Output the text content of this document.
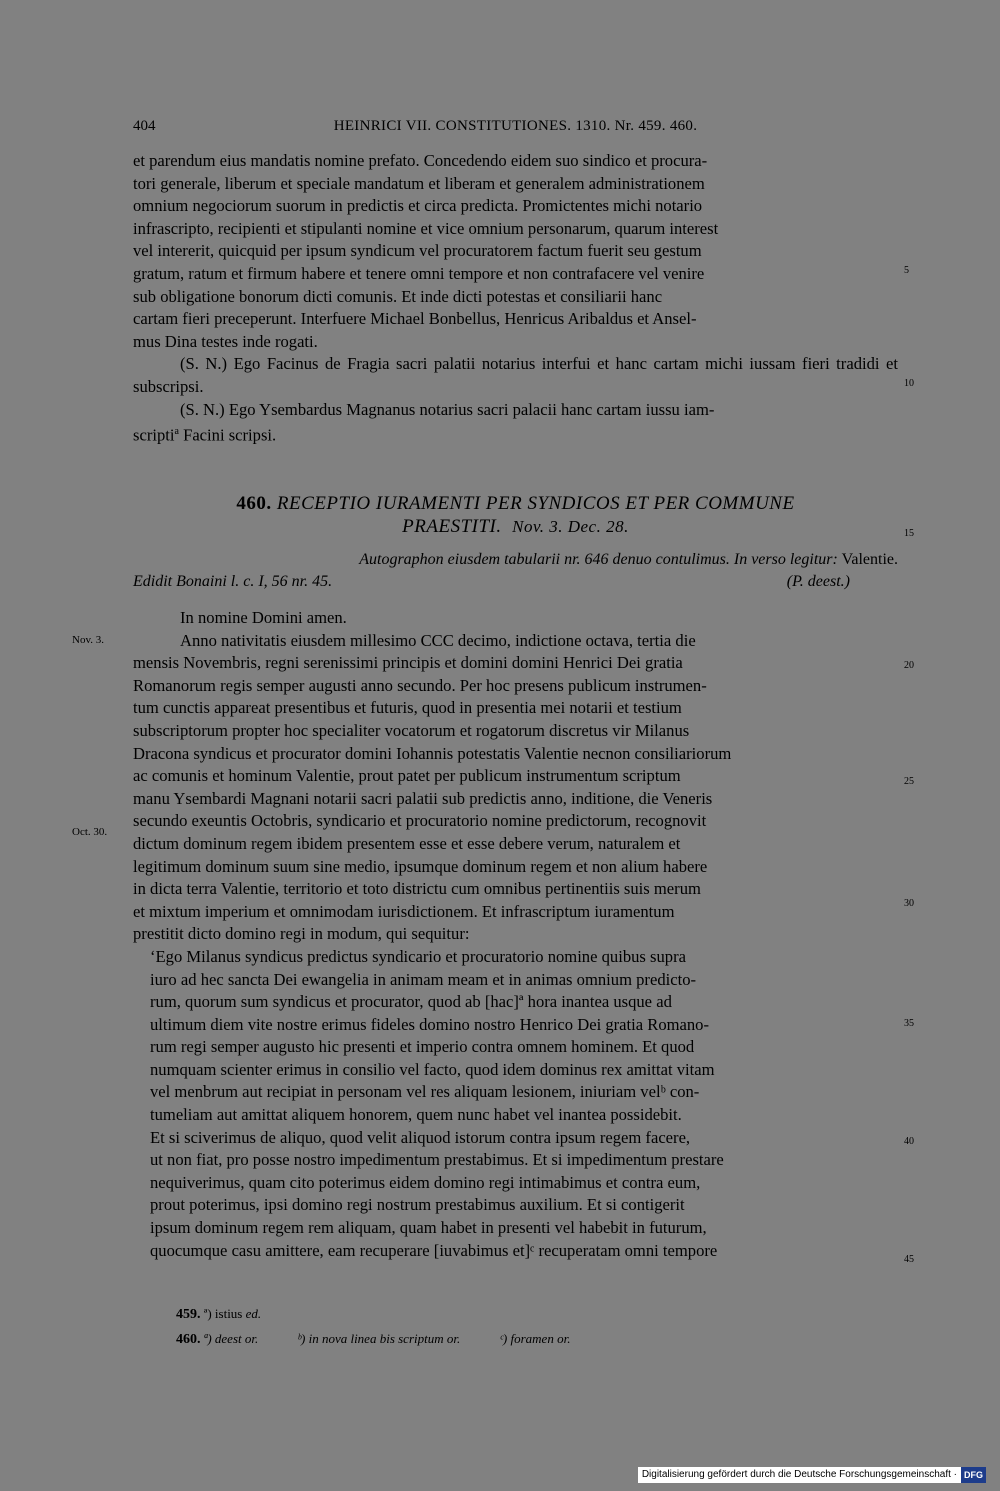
404	HEINRICI VII. CONSTITUTIONES. 1310. Nr. 459. 460.

et parendum eius mandatis nomine prefato. Concedendo eidem suo sindico et procura-

tori generale, liberum et speciale mandatum et liberam et generalem administrationem

omnium negociorum suorum in predictis et circa predicta. Promictentes michi notario

infrascripto, recipienti et stipulanti nomine et vice omnium personarum, quarum interest

vel intererit, quicquid per ipsum syndicum vel procuratorem factum fuerit seu gestum

gratum, ratum et firmum habere et tenere omni tempore et non contrafacere vel venire

sub obligatione bonorum dicti comunis. Et inde dicti potestas et consiliarii hanc

cartam fieri preceperunt. Interfuere Michael Bonbellus, Henricus Aribaldus et Ansel-

mus Dina testes inde rogati.

(S. N.) Ego Facinus de Fragia sacri palatii notarius interfui et hanc cartam michi iussam fieri tradidi et subscripsi.

(S. N.) Ego Ysembardus Magnanus notarius sacri palacii hanc cartam iussu iam-
scripti$^a$ Facini scripsi.

460. RECEPTIO IURAMENTI PER SYNDICOS ET PER COMMUNE
PRAESTITI. Nov. 3. Dec. 28.
Autographon eiusdem tabularii nr. 646 denuo contulimus. In verso legitur: Valentie.
Edidit Bonaini l. c. I, 56 nr. 45.	(P. deest.)

In nomine Domini amen.

Anno nativitatis eiusdem millesimo CCC decimo, indictione octava, tertia die

mensis Novembris, regni serenissimi principis et domini domini Henrici Dei gratia

Romanorum regis semper augusti anno secundo. Per hoc presens publicum instrumen-

tum cunctis appareat presentibus et futuris, quod in presentia mei notarii et testium

subscriptorum propter hoc specialiter vocatorum et rogatorum discretus vir Milanus

Dracona syndicus et procurator domini Iohannis potestatis Valentie necnon consiliariorum

ac comunis et hominum Valentie, prout patet per publicum instrumentum scriptum

manu Ysembardi Magnani notarii sacri palatii sub predictis anno, inditione, die Veneris

secundo exeuntis Octobris, syndicario et procuratorio nomine predictorum, recognovit

dictum dominum regem ibidem presentem esse et esse debere verum, naturalem et

legitimum dominum suum sine medio, ipsumque dominum regem et non alium habere

in dicta terra Valentie, territorio et toto districtu cum omnibus pertinentiis suis merum

et mixtum imperium et omnimodam iurisdictionem. Et infrascriptum iuramentum

prestitit dicto domino regi in modum, qui sequitur:

‘Ego Milanus syndicus predictus syndicario et procuratorio nomine quibus supra

iuro ad hec sancta Dei ewangelia in animam meam et in animas omnium predicto-

rum, quorum sum syndicus et procurator, quod ab [hac]ª hora inantea usque ad

ultimum diem vite nostre erimus fideles domino nostro Henrico Dei gratia Romano-

rum regi semper augusto hic presenti et imperio contra omnem hominem. Et quod

numquam scienter erimus in consilio vel facto, quod idem dominus rex amittat vitam

vel menbrum aut recipiat in personam vel res aliquam lesionem, iniuriam velᵇ con-

tumeliam aut amittat aliquem honorem, quem nunc habet vel inantea possidebit.

Et si sciverimus de aliquo, quod velit aliquod istorum contra ipsum regem facere,

ut non fiat, pro posse nostro impedimentum prestabimus. Et si impedimentum prestare

nequiverimus, quam cito poterimus eidem domino regi intimabimus et contra eum,

prout poterimus, ipsi domino regi nostrum prestabimus auxilium. Et si contigerit

ipsum dominum regem rem aliquam, quam habet in presenti vel habebit in futurum,

quocumque casu amittere, eam recuperare [iuvabimus et]ᶜ recuperatam omni tempore

5
10
15
20
25
30
35
40
45
Nov. 3.
Oct. 30.
459. ª) istius ed.
460. ª) deest or.	ᵇ) in nova linea bis scriptum or.	ᶜ) foramen or.
Digitalisierung gefördert durch die Deutsche Forschungsgemeinschaft · DFG
